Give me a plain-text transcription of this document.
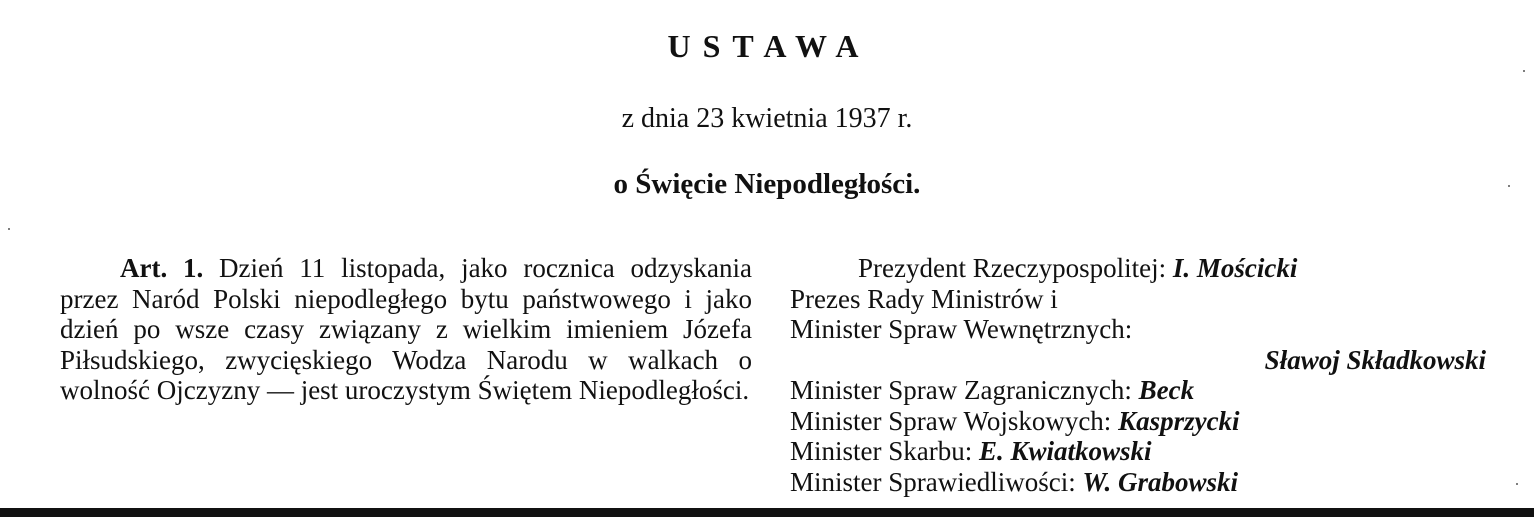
USTAWA
z dnia 23 kwietnia 1937 r.
o Święcie Niepodległości.

Art. 1. Dzień 11 listopada, jako rocznica odzyskania przez Naród Polski niepodległego bytu państwowego i jako dzień po wsze czasy związany z wielkim imieniem Józefa Piłsudskiego, zwycięskiego Wodza Narodu w walkach o wolność Ojczyzny — jest uroczystym Świętem Niepodległości.

Prezydent Rzeczypospolitej: I. Mościcki
Prezes Rady Ministrów i
Minister Spraw Wewnętrznych:
Sławoj Składkowski
Minister Spraw Zagranicznych: Beck
Minister Spraw Wojskowych: Kasprzycki
Minister Skarbu: E. Kwiatkowski
Minister Sprawiedliwości: W. Grabowski
